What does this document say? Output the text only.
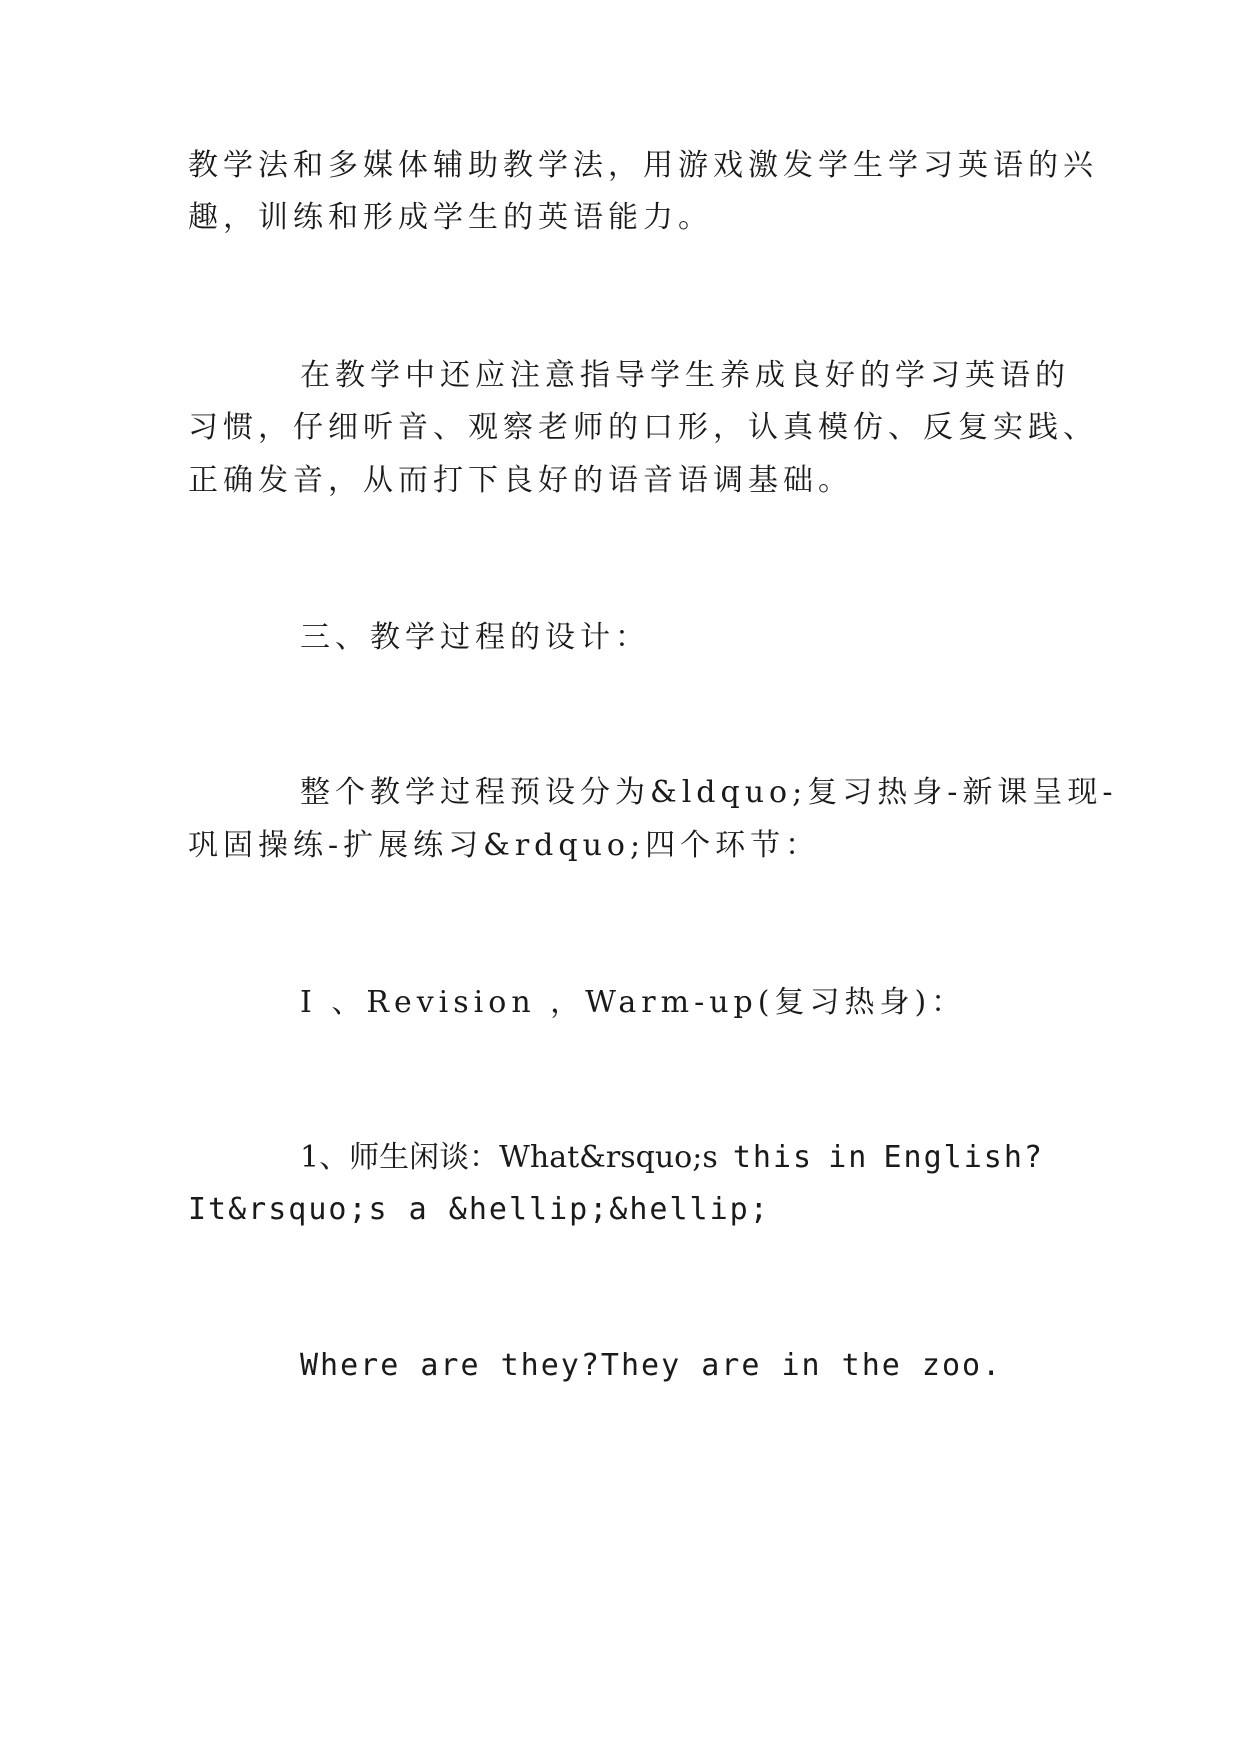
教学法和多媒体辅助教学法，用游戏激发学生学习英语的兴
趣，训练和形成学生的英语能力。
在教学中还应注意指导学生养成良好的学习英语的
习惯，仔细听音、观察老师的口形，认真模仿、反复实践、
正确发音，从而打下良好的语音语调基础。
三、教学过程的设计：
整个教学过程预设分为&ldquo;复习热身-新课呈现-
巩固操练-扩展练习&rdquo;四个环节：
Ⅰ 、Revision ，Warm-up(复习热身)：
1、师生闲谈：What&rsquo;s this in English?
It&rsquo;s a &hellip;&hellip;
Where are they?They are in the zoo.
